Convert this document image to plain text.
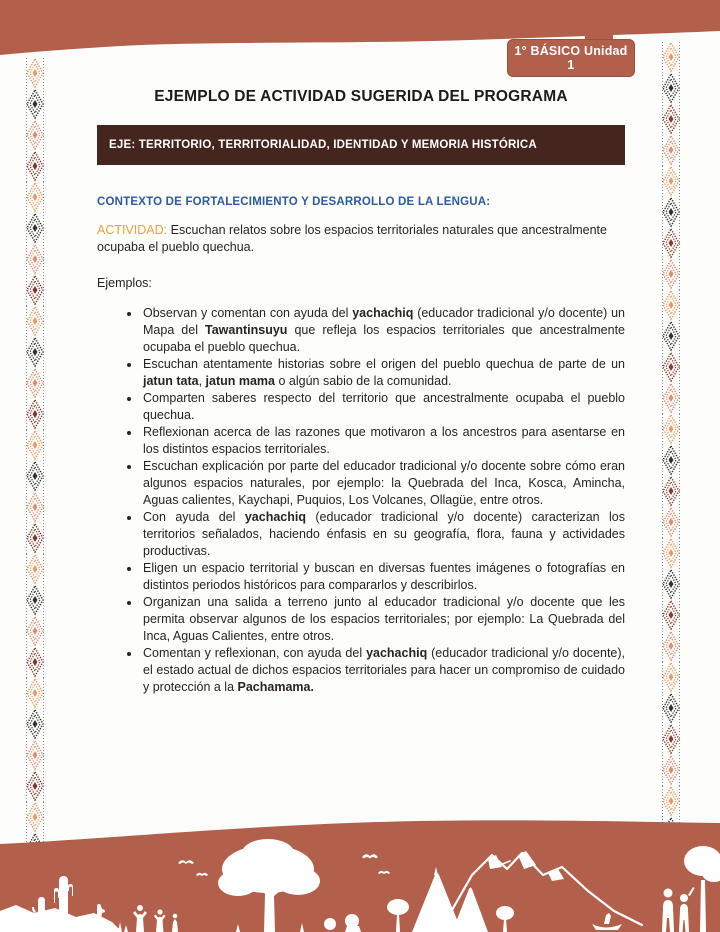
1° BÁSICO Unidad 1
EJEMPLO DE ACTIVIDAD SUGERIDA DEL PROGRAMA
EJE: TERRITORIO, TERRITORIALIDAD, IDENTIDAD Y MEMORIA HISTÓRICA
CONTEXTO DE FORTALECIMIENTO Y DESARROLLO DE LA LENGUA:

ACTIVIDAD: Escuchan relatos sobre los espacios territoriales naturales que ancestralmente ocupaba el pueblo quechua.

Ejemplos:

• Observan y comentan con ayuda del yachachiq (educador tradicional y/o docente) un Mapa del Tawantinsuyu que refleja los espacios territoriales que ancestralmente ocupaba el pueblo quechua.
• Escuchan atentamente historias sobre el origen del pueblo quechua de parte de un jatun tata, jatun mama o algún sabio de la comunidad.
• Comparten saberes respecto del territorio que ancestralmente ocupaba el pueblo quechua.
• Reflexionan acerca de las razones que motivaron a los ancestros para asentarse en los distintos espacios territoriales.
• Escuchan explicación por parte del educador tradicional y/o docente sobre cómo eran algunos espacios naturales, por ejemplo: la Quebrada del Inca, Kosca, Amincha, Aguas calientes, Kaychapi, Puquios, Los Volcanes, Ollagüe, entre otros.
• Con ayuda del yachachiq (educador tradicional y/o docente) caracterizan los territorios señalados, haciendo énfasis en su geografía, flora, fauna y actividades productivas.
• Eligen un espacio territorial y buscan en diversas fuentes imágenes o fotografías en distintos periodos históricos para compararlos y describirlos.
• Organizan una salida a terreno junto al educador tradicional y/o docente que les permita observar algunos de los espacios territoriales; por ejemplo: La Quebrada del Inca, Aguas Calientes, entre otros.
• Comentan y reflexionan, con ayuda del yachachiq (educador tradicional y/o docente), el estado actual de dichos espacios territoriales para hacer un compromiso de cuidado y protección a la Pachamama.
